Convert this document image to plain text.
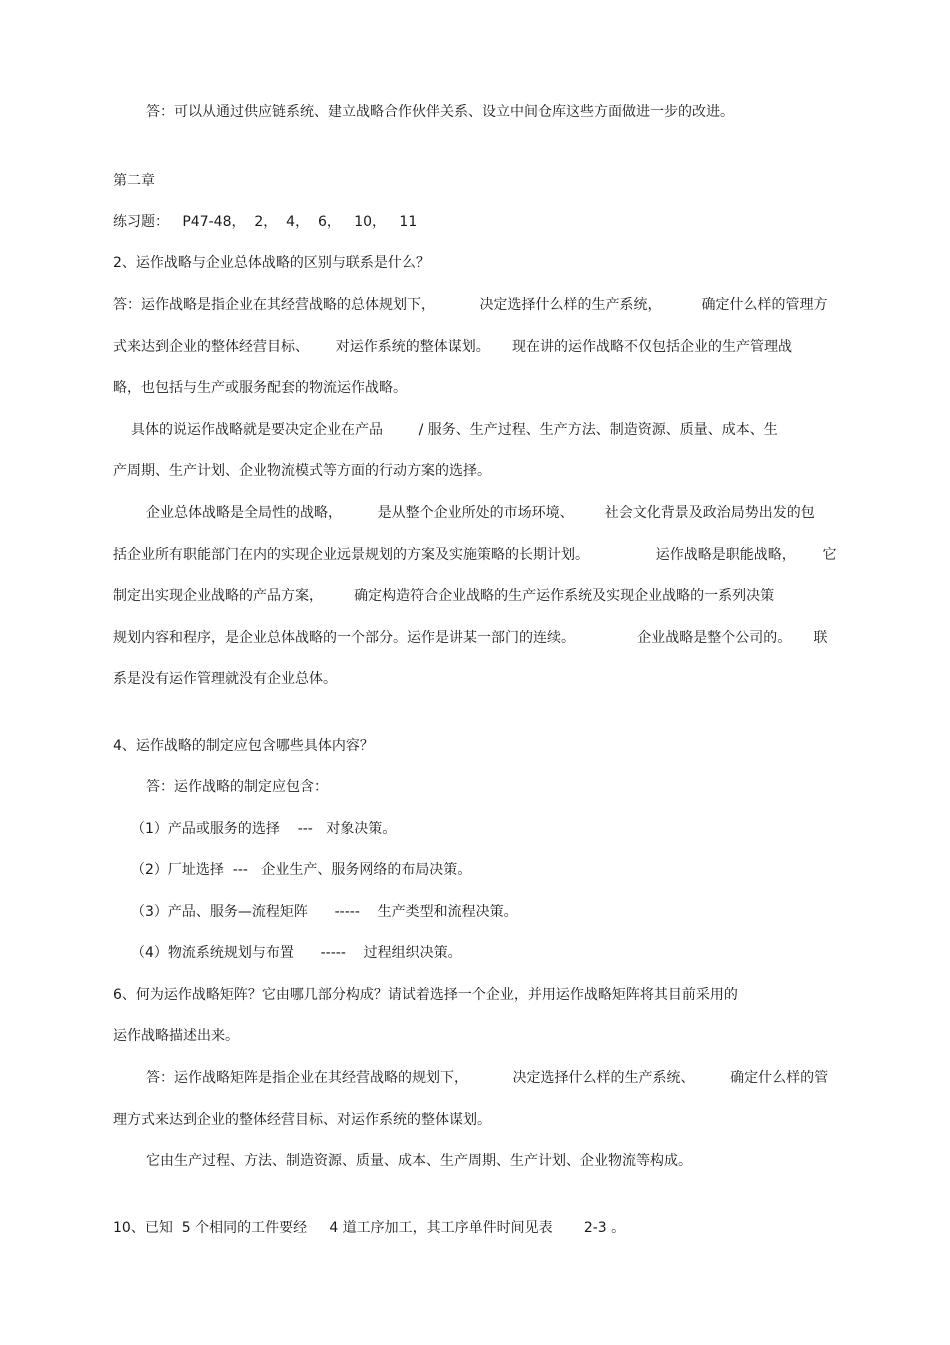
答：可以从通过供应链系统、建立战略合作伙伴关系、设立中间仓库这些方面做进一步的改进。
第二章
练习题：   P47-48，  2，  4，  6，   10，   11
2、运作战略与企业总体战略的区别与联系是什么？
答：运作战略是指企业在其经营战略的总体规划下，          决定选择什么样的生产系统，         确定什么样的管理方
式来达到企业的整体经营目标、      对运作系统的整体谋划。     现在讲的运作战略不仅包括企业的生产管理战
略，也包括与生产或服务配套的物流运作战略。
具体的说运作战略就是要决定企业在产品        / 服务、生产过程、生产方法、制造资源、质量、成本、生
产周期、生产计划、企业物流模式等方面的行动方案的选择。
企业总体战略是全局性的战略，        是从整个企业所处的市场环境、       社会文化背景及政治局势出发的包
括企业所有职能部门在内的实现企业远景规划的方案及实施策略的长期计划。               运作战略是职能战略，      它
制定出实现企业战略的产品方案，       确定构造符合企业战略的生产运作系统及实现企业战略的一系列决策
规划内容和程序，是企业总体战略的一个部分。运作是讲某一部门的连续。              企业战略是整个公司的。     联
系是没有运作管理就没有企业总体。
4、运作战略的制定应包含哪些具体内容？
答：运作战略的制定应包含：
（1）产品或服务的选择    ---   对象决策。
（2）厂址选择  ---   企业生产、服务网络的布局决策。
（3）产品、服务—流程矩阵      -----    生产类型和流程决策。
（4）物流系统规划与布置      -----    过程组织决策。
6、何为运作战略矩阵？它由哪几部分构成？请试着选择一个企业，并用运作战略矩阵将其目前采用的
运作战略描述出来。
答：运作战略矩阵是指企业在其经营战略的规划下，          决定选择什么样的生产系统、        确定什么样的管
理方式来达到企业的整体经营目标、对运作系统的整体谋划。
它由生产过程、方法、制造资源、质量、成本、生产周期、生产计划、企业物流等构成。
10、已知  5 个相同的工件要经     4 道工序加工，其工序单件时间见表       2-3 。
